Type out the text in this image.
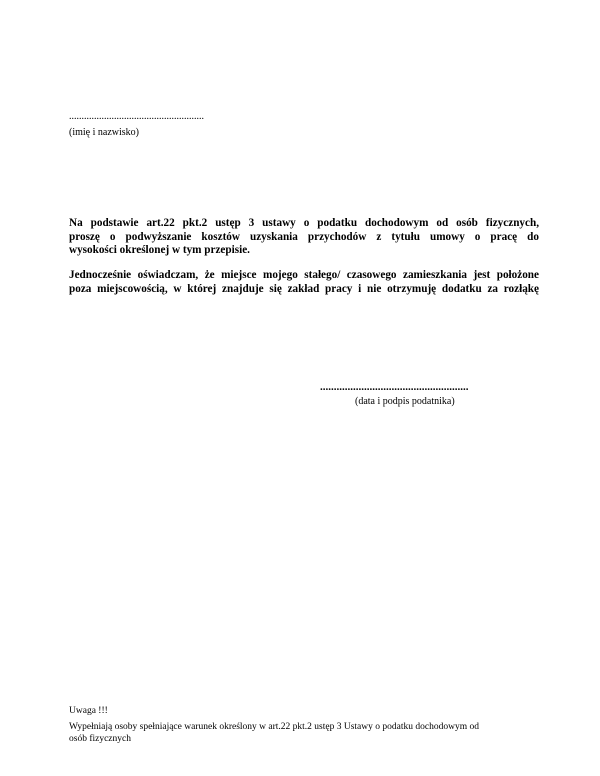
......................................................
(imię i nazwisko)
Na podstawie art.22 pkt.2 ustęp 3 ustawy o podatku dochodowym od osób fizycznych,
proszę o podwyższanie kosztów uzyskania przychodów z tytułu umowy o pracę do
wysokości określonej w tym przepisie.
Jednocześnie oświadczam, że miejsce mojego stałego/ czasowego zamieszkania jest położone
poza miejscowością, w której znajduje się zakład pracy i nie otrzymuję dodatku za rozłąkę
......................................................
(data i podpis podatnika)
Uwaga !!!
Wypełniają osoby spełniające warunek określony w art.22 pkt.2 ustęp 3 Ustawy o podatku dochodowym od
osób fizycznych
